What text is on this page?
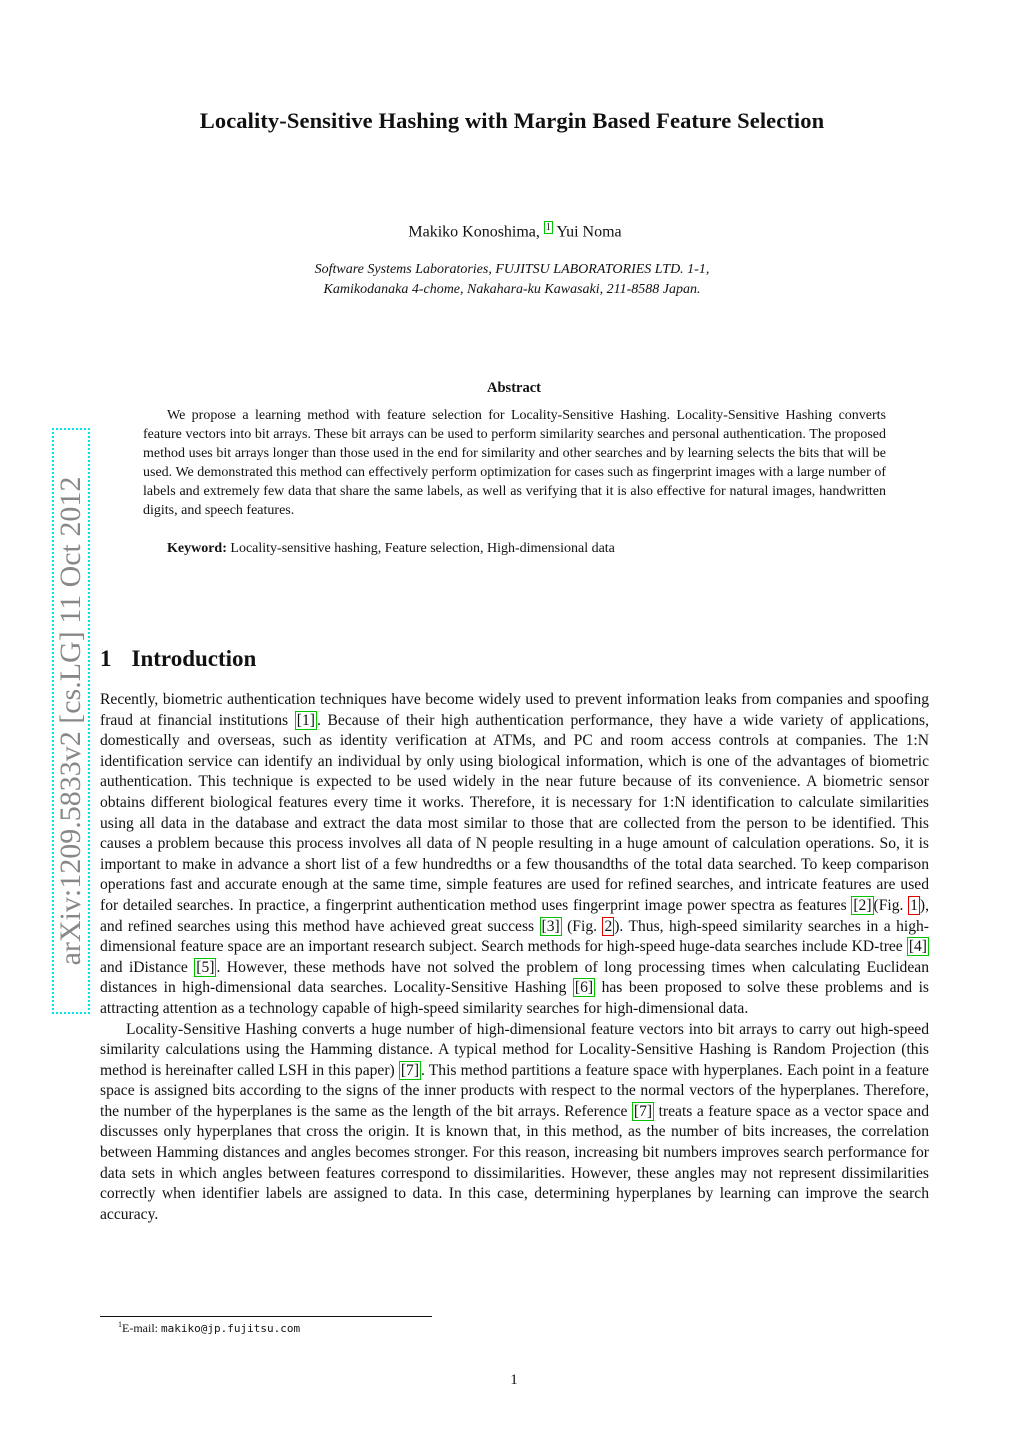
Locality-Sensitive Hashing with Margin Based Feature Selection
Makiko Konoshima, $^1$ Yui Noma
Software Systems Laboratories, FUJITSU LABORATORIES LTD. 1-1,
Kamikodanaka 4-chome, Nakahara-ku Kawasaki, 211-8588 Japan.
Abstract

We propose a learning method with feature selection for Locality-Sensitive Hashing. Locality-Sensitive Hashing converts feature vectors into bit arrays. These bit arrays can be used to perform similarity searches and personal authentication. The proposed method uses bit arrays longer than those used in the end for similarity and other searches and by learning selects the bits that will be used. We demonstrated this method can effectively perform optimization for cases such as fingerprint images with a large number of labels and extremely few data that share the same labels, as well as verifying that it is also effective for natural images, handwritten digits, and speech features.

Keyword: Locality-sensitive hashing, Feature selection, High-dimensional data
arXiv:1209.5833v2 [cs.LG] 11 Oct 2012 1 Introduction

Recently, biometric authentication techniques have become widely used to prevent information leaks from companies and spoofing fraud at financial institutions [1] . Because of their high authentication performance, they have a wide variety of applications, domestically and overseas, such as identity verification at ATMs, and PC and room access controls at companies. The 1:N identification service can identify an individual by only using biological information, which is one of the advantages of biometric authentication. This technique is expected to be used widely in the near future because of its convenience. A biometric sensor obtains different biological features every time it works. Therefore, it is necessary for 1:N identification to calculate similarities using all data in the database and extract the data most similar to those that are collected from the person to be identified. This causes a problem because this process involves all data of N people resulting in a huge amount of calculation operations. So, it is important to make in advance a short list of a few hundredths or a few thousandths of the total data searched. To keep comparison operations fast and accurate enough at the same time, simple features are used for refined searches, and intricate features are used for detailed searches. In practice, a fingerprint authentication method uses fingerprint image power spectra as features [2] (Fig. 1 ), and refined searches using this method have achieved great success [3] (Fig. 2 ). Thus, high-speed similarity searches in a high-dimensional feature space are an important research subject. Search methods for high-speed huge-data searches include KD-tree [4] and iDistance [5] . However, these methods have not solved the problem of long processing times when calculating Euclidean distances in high-dimensional data searches. Locality-Sensitive Hashing [6] has been proposed to solve these problems and is attracting attention as a technology capable of high-speed similarity searches for high-dimensional data.

Locality-Sensitive Hashing converts a huge number of high-dimensional feature vectors into bit arrays to carry out high-speed similarity calculations using the Hamming distance. A typical method for Locality-Sensitive Hashing is Random Projection (this method is hereinafter called LSH in this paper) [7] . This method partitions a feature space with hyperplanes. Each point in a feature space is assigned bits according to the signs of the inner products with respect to the normal vectors of the hyperplanes. Therefore, the number of the hyperplanes is the same as the length of the bit arrays. Reference [7] treats a feature space as a vector space and discusses only hyperplanes that cross the origin. It is known that, in this method, as the number of bits increases, the correlation between Hamming distances and angles becomes stronger. For this reason, increasing bit numbers improves search performance for data sets in which angles between features correspond to dissimilarities. However, these angles may not represent dissimilarities correctly when identifier labels are assigned to data. In this case, determining hyperplanes by learning can improve the search accuracy.

$^1$E-mail: makiko@jp.fujitsu.com
1
